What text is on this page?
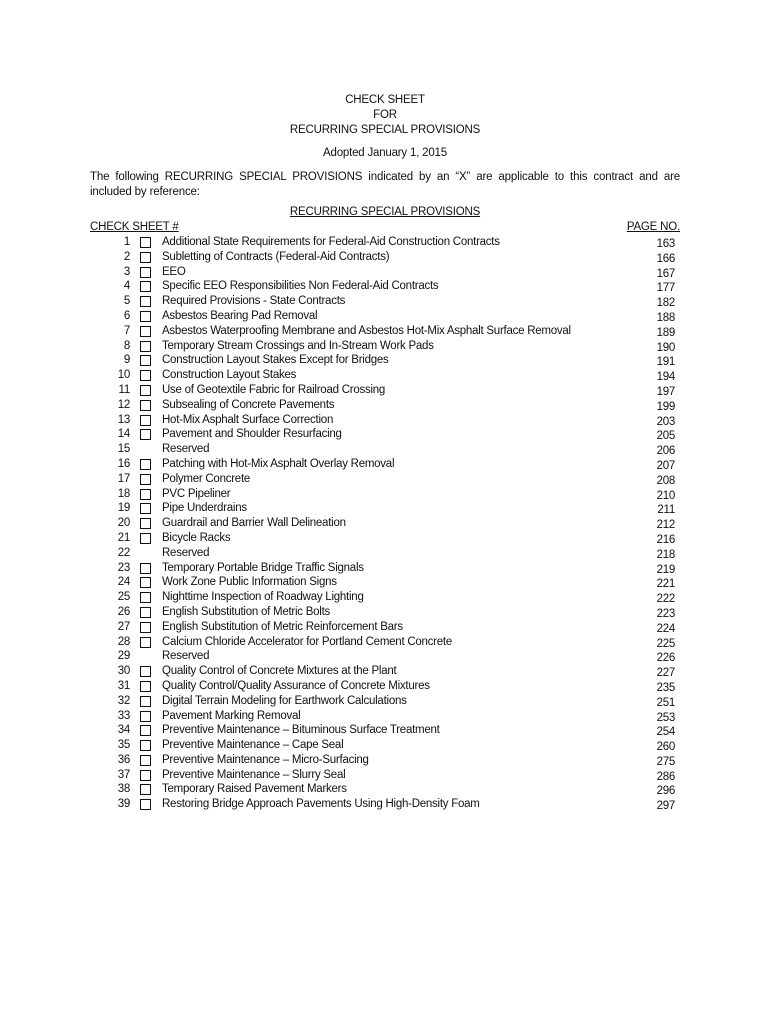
CHECK SHEET
FOR
RECURRING SPECIAL PROVISIONS
Adopted January 1, 2015
The following RECURRING SPECIAL PROVISIONS indicated by an “X” are applicable to this contract and are included by reference:
RECURRING SPECIAL PROVISIONS
CHECK SHEET #	PAGE NO.
1	Additional State Requirements for Federal-Aid Construction Contracts	163
2	Subletting of Contracts (Federal-Aid Contracts)	166
3	EEO	167
4	Specific EEO Responsibilities Non Federal-Aid Contracts	177
5	Required Provisions - State Contracts	182
6	Asbestos Bearing Pad Removal	188
7	Asbestos Waterproofing Membrane and Asbestos Hot-Mix Asphalt Surface Removal	189
8	Temporary Stream Crossings and In-Stream Work Pads	190
9	Construction Layout Stakes Except for Bridges	191
10	Construction Layout Stakes	194
11	Use of Geotextile Fabric for Railroad Crossing	197
12	Subsealing of Concrete Pavements	199
13	Hot-Mix Asphalt Surface Correction	203
14	Pavement and Shoulder Resurfacing	205
15	Reserved	206
16	Patching with Hot-Mix Asphalt Overlay Removal	207
17	Polymer Concrete	208
18	PVC Pipeliner	210
19	Pipe Underdrains	211
20	Guardrail and Barrier Wall Delineation	212
21	Bicycle Racks	216
22	Reserved	218
23	Temporary Portable Bridge Traffic Signals	219
24	Work Zone Public Information Signs	221
25	Nighttime Inspection of Roadway Lighting	222
26	English Substitution of Metric Bolts	223
27	English Substitution of Metric Reinforcement Bars	224
28	Calcium Chloride Accelerator for Portland Cement Concrete	225
29	Reserved	226
30	Quality Control of Concrete Mixtures at the Plant	227
31	Quality Control/Quality Assurance of Concrete Mixtures	235
32	Digital Terrain Modeling for Earthwork Calculations	251
33	Pavement Marking Removal	253
34	Preventive Maintenance – Bituminous Surface Treatment	254
35	Preventive Maintenance – Cape Seal	260
36	Preventive Maintenance – Micro-Surfacing	275
37	Preventive Maintenance – Slurry Seal	286
38	Temporary Raised Pavement Markers	296
39	Restoring Bridge Approach Pavements Using High-Density Foam	297
